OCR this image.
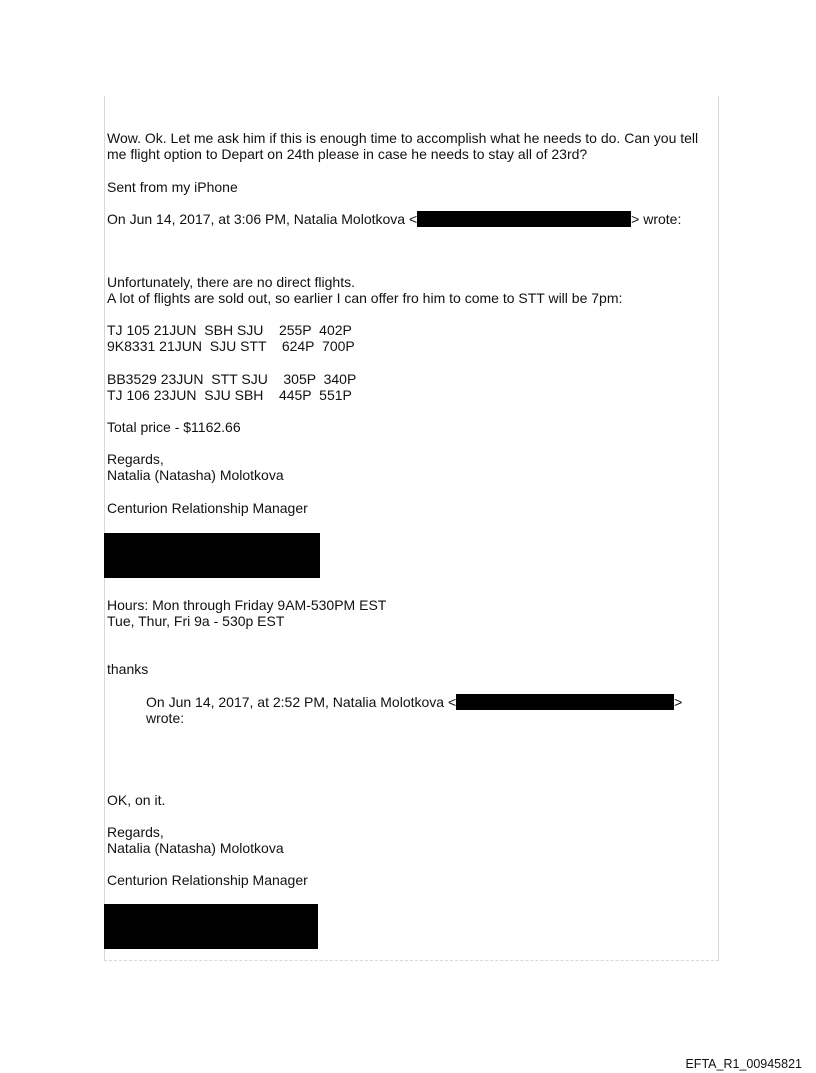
Wow. Ok. Let me ask him if this is enough time to accomplish what he needs to do. Can you tell

me flight option to Depart on 24th please in case he needs to stay all of 23rd?

Sent from my iPhone

On Jun 14, 2017, at 3:06 PM, Natalia Molotkova <	> wrote:

Unfortunately, there are no direct flights.

A lot of flights are sold out, so earlier I can offer fro him to come to STT will be 7pm:

TJ 105 21JUN  SBH SJU    255P  402P

9K8331 21JUN  SJU STT    624P  700P

BB3529 23JUN  STT SJU    305P  340P

TJ 106 23JUN  SJU SBH    445P  551P

Total price - $1162.66

Regards,

Natalia (Natasha) Molotkova

Centurion Relationship Manager

Hours: Mon through Friday 9AM-530PM EST

Tue, Thur, Fri 9a - 530p EST

thanks

On Jun 14, 2017, at 2:52 PM, Natalia Molotkova <	>

wrote:

OK, on it.

Regards,

Natalia (Natasha) Molotkova

Centurion Relationship Manager

EFTA_R1_00945821
